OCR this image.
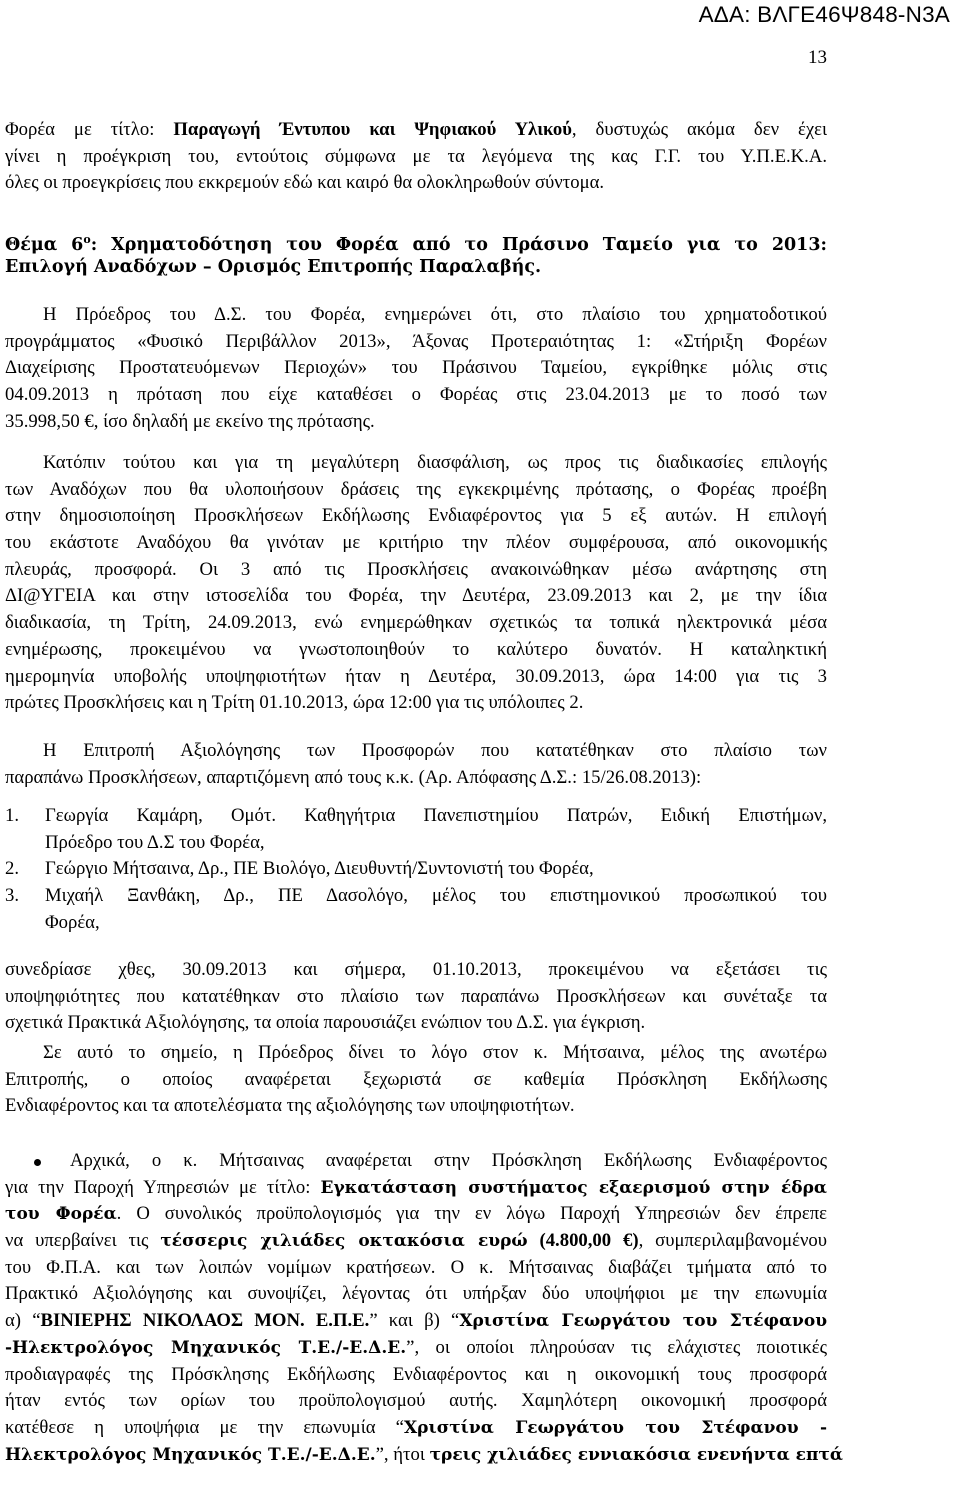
ΑΔΑ: ΒΛΓΕ46Ψ848-Ν3Α
13
Φορέα με τίτλο: Παραγωγή Έντυπου και Ψηφιακού Υλικού, δυστυχώς ακόμα δεν έχει
γίνει η προέγκριση του, εντούτοις σύμφωνα με τα λεγόμενα της κας Γ.Γ. του Υ.Π.Ε.Κ.Α.
όλες οι προεγκρίσεις που εκκρεμούν εδώ και καιρό θα ολοκληρωθούν σύντομα.
Θέμα $6^o$: Χρηματοδότηση του Φορέα από το Πράσινο Ταμείο για το 2013:
Επιλογή Αναδόχων – Ορισμός Επιτροπής Παραλαβής.
Η Πρόεδρος του Δ.Σ. του Φορέα, ενημερώνει ότι, στο πλαίσιο του χρηματοδοτικού
προγράμματος «Φυσικό Περιβάλλον 2013», Άξονας Προτεραιότητας 1: «Στήριξη Φορέων
Διαχείρισης Προστατευόμενων Περιοχών» του Πράσινου Ταμείου, εγκρίθηκε μόλις στις
04.09.2013 η πρόταση που είχε καταθέσει ο Φορέας στις 23.04.2013 με το ποσό των
35.998,50 €, ίσο δηλαδή με εκείνο της πρότασης.
Κατόπιν τούτου και για τη μεγαλύτερη διασφάλιση, ως προς τις διαδικασίες επιλογής
των Αναδόχων που θα υλοποιήσουν δράσεις της εγκεκριμένης πρότασης, ο Φορέας προέβη
στην δημοσιοποίηση Προσκλήσεων Εκδήλωσης Ενδιαφέροντος για 5 εξ αυτών. Η επιλογή
του εκάστοτε Αναδόχου θα γινόταν με κριτήριο την πλέον συμφέρουσα, από οικονομικής
πλευράς, προσφορά. Οι 3 από τις Προσκλήσεις ανακοινώθηκαν μέσω ανάρτησης στη
ΔΙ@ΥΓΕΙΑ και στην ιστοσελίδα του Φορέα, την Δευτέρα, 23.09.2013 και 2, με την ίδια
διαδικασία, τη Τρίτη, 24.09.2013, ενώ ενημερώθηκαν σχετικώς τα τοπικά ηλεκτρονικά μέσα
ενημέρωσης, προκειμένου να γνωστοποιηθούν το καλύτερο δυνατόν. Η καταληκτική
ημερομηνία υποβολής υποψηφιοτήτων ήταν η Δευτέρα, 30.09.2013, ώρα 14:00 για τις 3
πρώτες Προσκλήσεις και η Τρίτη 01.10.2013, ώρα 12:00 για τις υπόλοιπες 2.
Η Επιτροπή Αξιολόγησης των Προσφορών που κατατέθηκαν στο πλαίσιο των
παραπάνω Προσκλήσεων, απαρτιζόμενη από τους κ.κ. (Αρ. Απόφασης Δ.Σ.: 15/26.08.2013):
1. Γεωργία Καμάρη, Ομότ. Καθηγήτρια Πανεπιστημίου Πατρών, Ειδική Επιστήμων,
Πρόεδρο του Δ.Σ του Φορέα,
2. Γεώργιο Μήτσαινα, Δρ., ΠΕ Βιολόγο, Διευθυντή/Συντονιστή του Φορέα,
3. Μιχαήλ Ξανθάκη, Δρ., ΠΕ Δασολόγο, μέλος του επιστημονικού προσωπικού του
Φορέα,
συνεδρίασε χθες, 30.09.2013 και σήμερα, 01.10.2013, προκειμένου να εξετάσει τις
υποψηφιότητες που κατατέθηκαν στο πλαίσιο των παραπάνω Προσκλήσεων και συνέταξε τα
σχετικά Πρακτικά Αξιολόγησης, τα οποία παρουσιάζει ενώπιον του Δ.Σ. για έγκριση.
Σε αυτό το σημείο, η Πρόεδρος δίνει το λόγο στον κ. Μήτσαινα, μέλος της ανωτέρω
Επιτροπής, ο οποίος αναφέρεται ξεχωριστά σε καθεμία Πρόσκληση Εκδήλωσης
Ενδιαφέροντος και τα αποτελέσματα της αξιολόγησης των υποψηφιοτήτων.
Αρχικά, ο κ. Μήτσαινας αναφέρεται στην Πρόσκληση Εκδήλωσης Ενδιαφέροντος
για την Παροχή Υπηρεσιών με τίτλο: Εγκατάσταση συστήματος εξαερισμού στην έδρα
του Φορέα. Ο συνολικός προϋπολογισμός για την εν λόγω Παροχή Υπηρεσιών δεν έπρεπε
να υπερβαίνει τις τέσσερις χιλιάδες οκτακόσια ευρώ (4.800,00 €), συμπεριλαμβανομένου
του Φ.Π.Α. και των λοιπών νομίμων κρατήσεων. Ο κ. Μήτσαινας διαβάζει τμήματα από το
Πρακτικό Αξιολόγησης και συνοψίζει, λέγοντας ότι υπήρξαν δύο υποψήφιοι με την επωνυμία
α) “ΒΙΝΙΕΡΗΣ ΝΙΚΟΛΑΟΣ ΜΟΝ. Ε.Π.Ε.” και β) “Χριστίνα Γεωργάτου του Στέφανου
-Ηλεκτρολόγος Μηχανικός Τ.Ε./-Ε.Δ.Ε.”, οι οποίοι πληρούσαν τις ελάχιστες ποιοτικές
προδιαγραφές της Πρόσκλησης Εκδήλωσης Ενδιαφέροντος και η οικονομική τους προσφορά
ήταν εντός των ορίων του προϋπολογισμού αυτής. Χαμηλότερη οικονομική προσφορά
κατέθεσε η υποψήφια με την επωνυμία “Χριστίνα Γεωργάτου του Στέφανου -
Ηλεκτρολόγος Μηχανικός Τ.Ε./-Ε.Δ.Ε.”, ήτοι τρεις χιλιάδες εννιακόσια ενενήντα επτά
